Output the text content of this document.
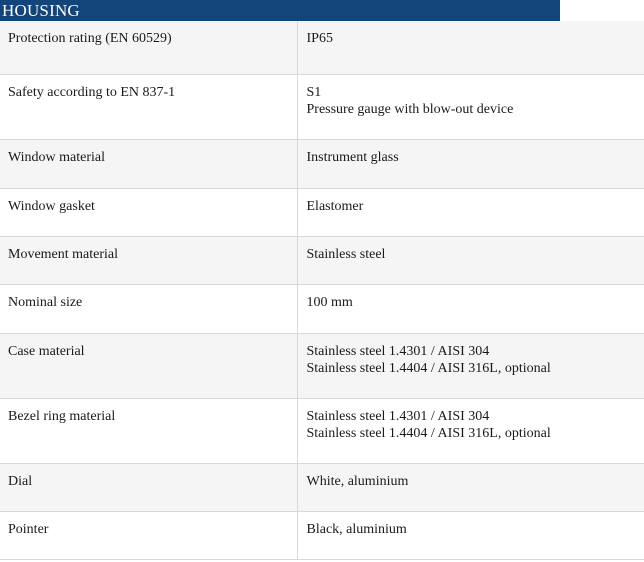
HOUSING
Protection rating (EN 60529)	IP65

Safety according to EN 837-1	S1
Pressure gauge with blow-out device

Window material	Instrument glass

Window gasket	Elastomer

Movement material	Stainless steel

Nominal size	100 mm

Case material	Stainless steel 1.4301 / AISI 304
Stainless steel 1.4404 / AISI 316L, optional

Bezel ring material	Stainless steel 1.4301 / AISI 304
Stainless steel 1.4404 / AISI 316L, optional

Dial	White, aluminium

Pointer	Black, aluminium
